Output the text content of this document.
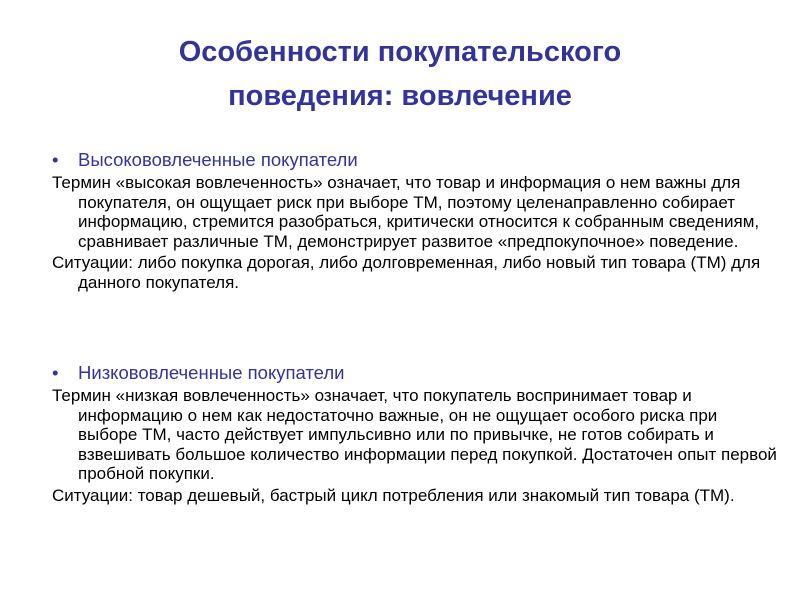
Особенности покупательского
поведения: вовлечение
• Высокововлеченные покупатели

Термин «высокая вовлеченность» означает, что товар и информация о нем важны для покупателя, он ощущает риск при выборе ТМ, поэтому целенаправленно собирает информацию, стремится разобраться, критически относится к собранным сведениям, сравнивает различные ТМ, демонстрирует развитое «предпокупочное» поведение.

Ситуации: либо покупка дорогая, либо долговременная, либо новый тип товара (ТМ) для данного покупателя.

• Низкововлеченные покупатели

Термин «низкая вовлеченность» означает, что покупатель воспринимает товар и информацию о нем как недостаточно важные, он не ощущает особого риска при выборе ТМ, часто действует импульсивно или по привычке, не готов собирать и взвешивать большое количество информации перед покупкой. Достаточен опыт первой пробной покупки.

Ситуации: товар дешевый, бастрый цикл потребления или знакомый тип товара (ТМ).
